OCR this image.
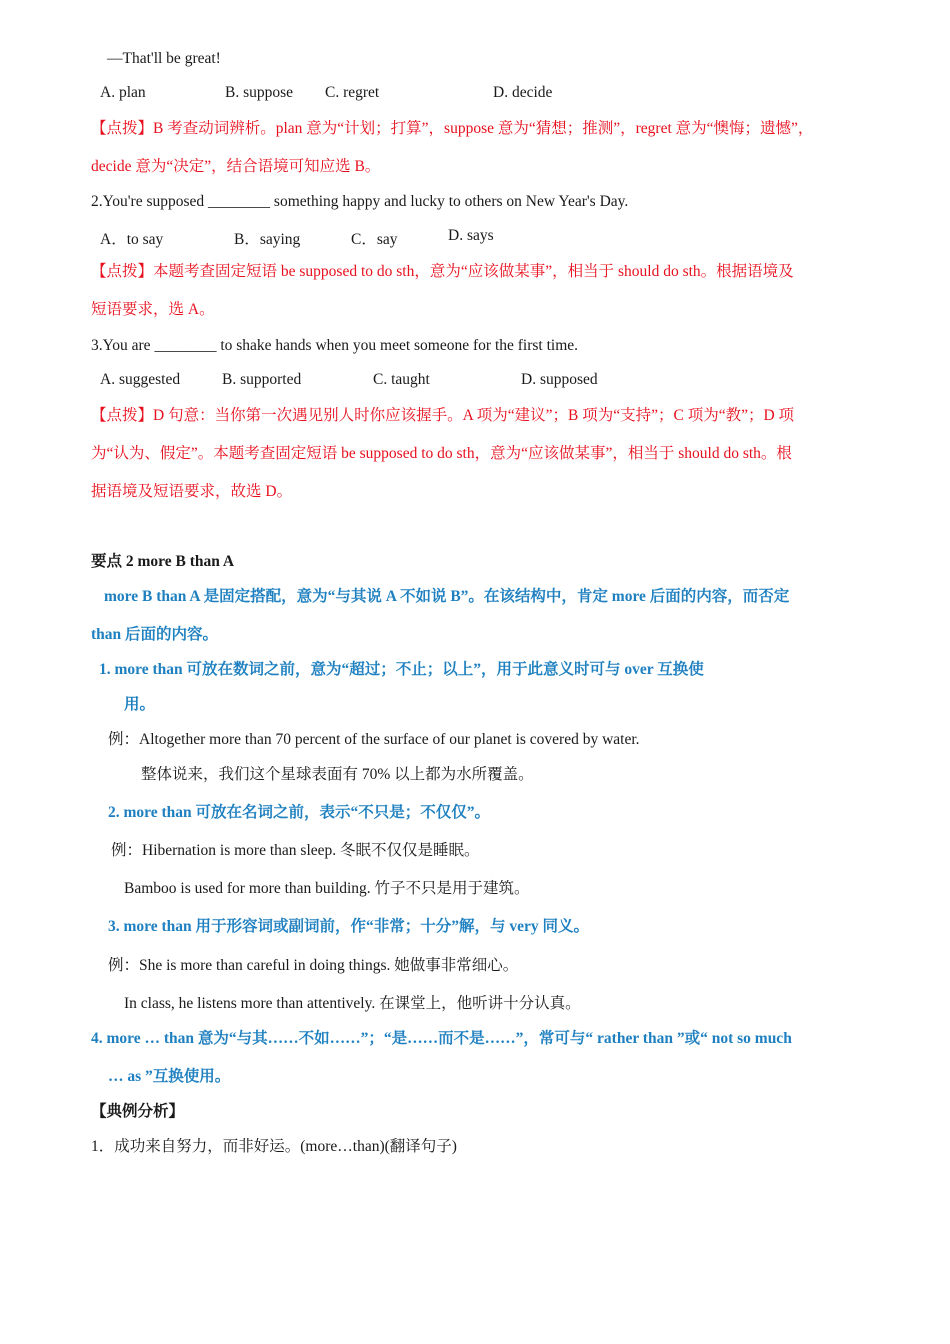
—That'll be great!
A. plan	B. suppose C. regret	D. decide
【点拨】B 考查动词辨析。plan 意为“计划；打算”，suppose 意为“猜想；推测”，regret 意为“懊悔；遗憾”，
decide 意为“决定”，结合语境可知应选 B。
2.You're supposed ________ something happy and lucky to others on New Year's Day.
A．to say	B．saying	C．say	D. says
【点拨】本题考查固定短语 be supposed to do sth，意为“应该做某事”，相当于 should do sth。根据语境及
短语要求，选 A。
3.You are ________ to shake hands when you meet someone for the first time.
A. suggested	B. supported	C. taught	D. supposed
【点拨】D 句意：当你第一次遇见别人时你应该握手。A 项为“建议”；B 项为“支持”；C 项为“教”；D 项
为“认为、假定”。本题考查固定短语 be supposed to do sth，意为“应该做某事”，相当于 should do sth。根
据语境及短语要求，故选 D。
要点 2 more B than A
more B than A 是固定搭配，意为“与其说 A 不如说 B”。在该结构中，肯定 more 后面的内容，而否定
than 后面的内容。
1. more than 可放在数词之前，意为“超过；不止；以上”，用于此意义时可与 over 互换使
用。
例：Altogether more than 70 percent of the surface of our planet is covered by water.
整体说来，我们这个星球表面有 70% 以上都为水所覆盖。
2. more than 可放在名词之前，表示“不只是；不仅仅”。
例：Hibernation is more than sleep. 冬眠不仅仅是睡眠。
Bamboo is used for more than building. 竹子不只是用于建筑。
3. more than 用于形容词或副词前，作“非常；十分”解，与 very 同义。
例：She is more than careful in doing things. 她做事非常细心。
In class, he listens more than attentively. 在课堂上，他听讲十分认真。
4. more … than 意为“与其……不如……”；“是……而不是……”，常可与“ rather than ”或“ not so much
… as ”互换使用。
【典例分析】
1．成功来自努力，而非好运。(more…than)(翻译句子)
